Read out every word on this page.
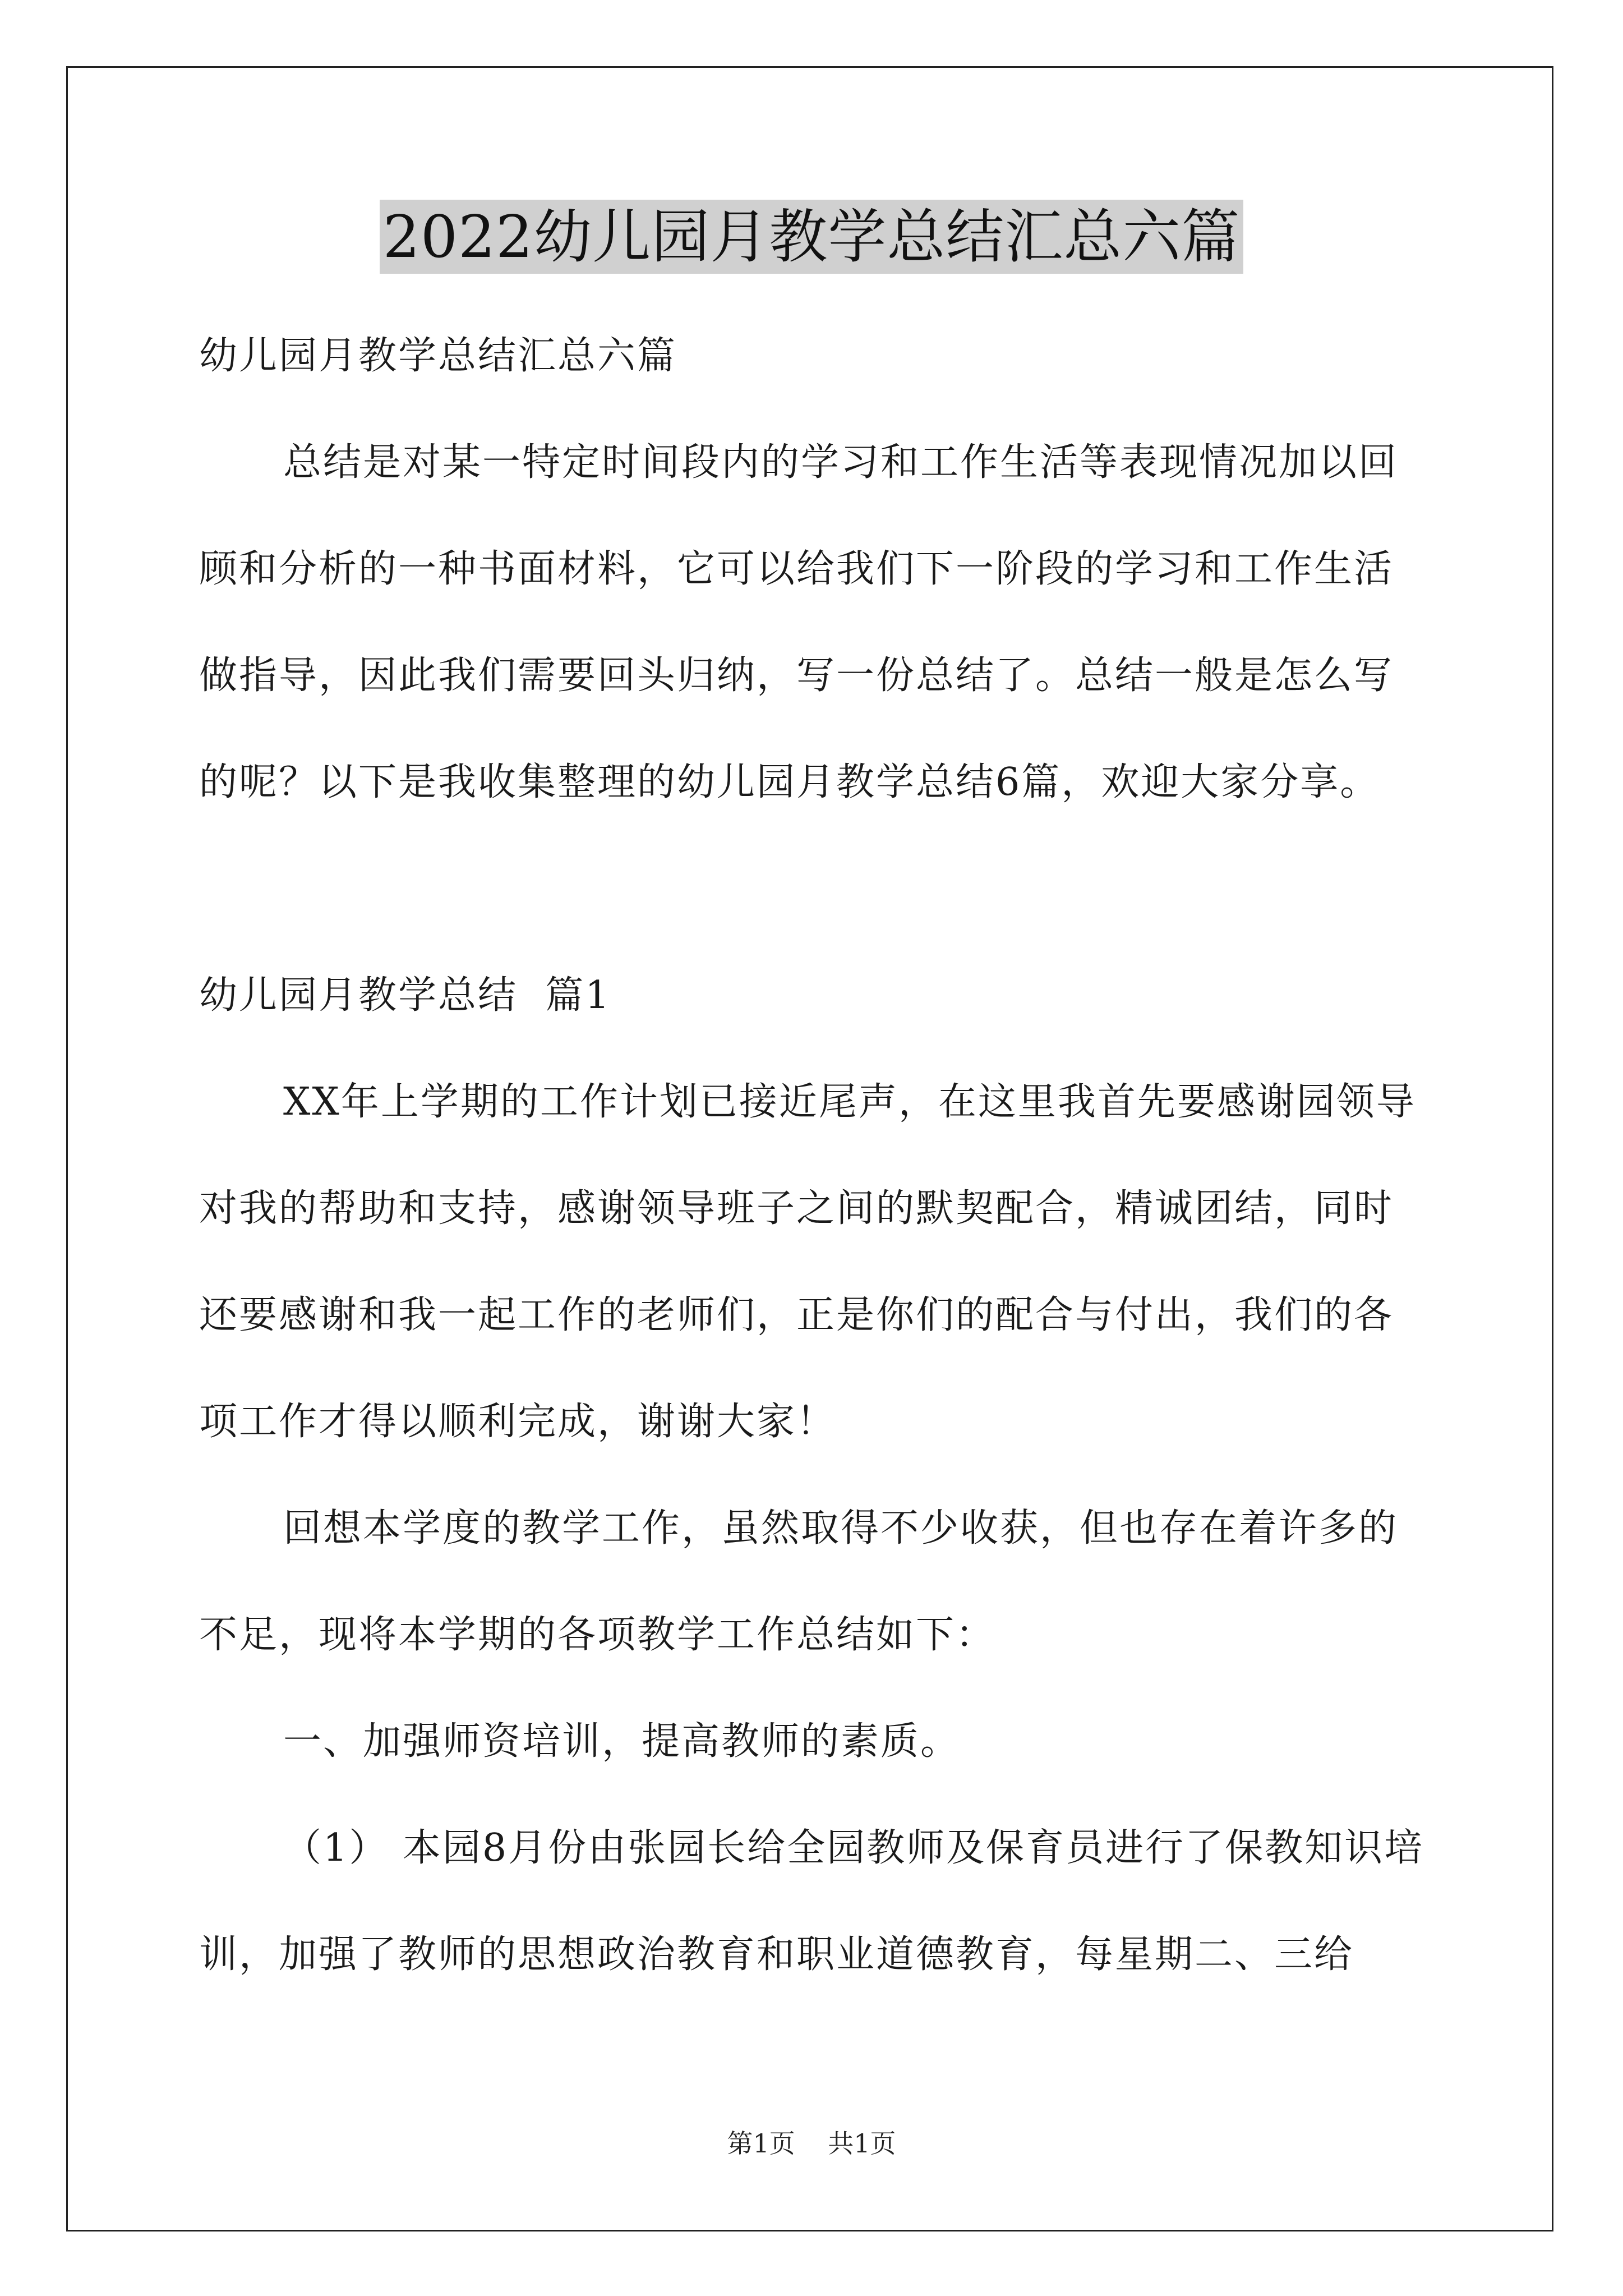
2022幼儿园月教学总结汇总六篇

幼儿园月教学总结汇总六篇

总结是对某一特定时间段内的学习和工作生活等表现情况加以回顾和分析的一种书面材料，它可以给我们下一阶段的学习和工作生活做指导，因此我们需要回头归纳，写一份总结了。总结一般是怎么写的呢？以下是我收集整理的幼儿园月教学总结6篇，欢迎大家分享。

幼儿园月教学总结  篇1

XX年上学期的工作计划已接近尾声，在这里我首先要感谢园领导对我的帮助和支持，感谢领导班子之间的默契配合，精诚团结，同时还要感谢和我一起工作的老师们，正是你们的配合与付出，我们的各项工作才得以顺利完成，谢谢大家！

回想本学度的教学工作，虽然取得不少收获，但也存在着许多的不足，现将本学期的各项教学工作总结如下：

一、加强师资培训，提高教师的素质。

（1） 本园8月份由张园长给全园教师及保育员进行了保教知识培训，加强了教师的思想政治教育和职业道德教育，每星期二、三给

第1页    共1页
